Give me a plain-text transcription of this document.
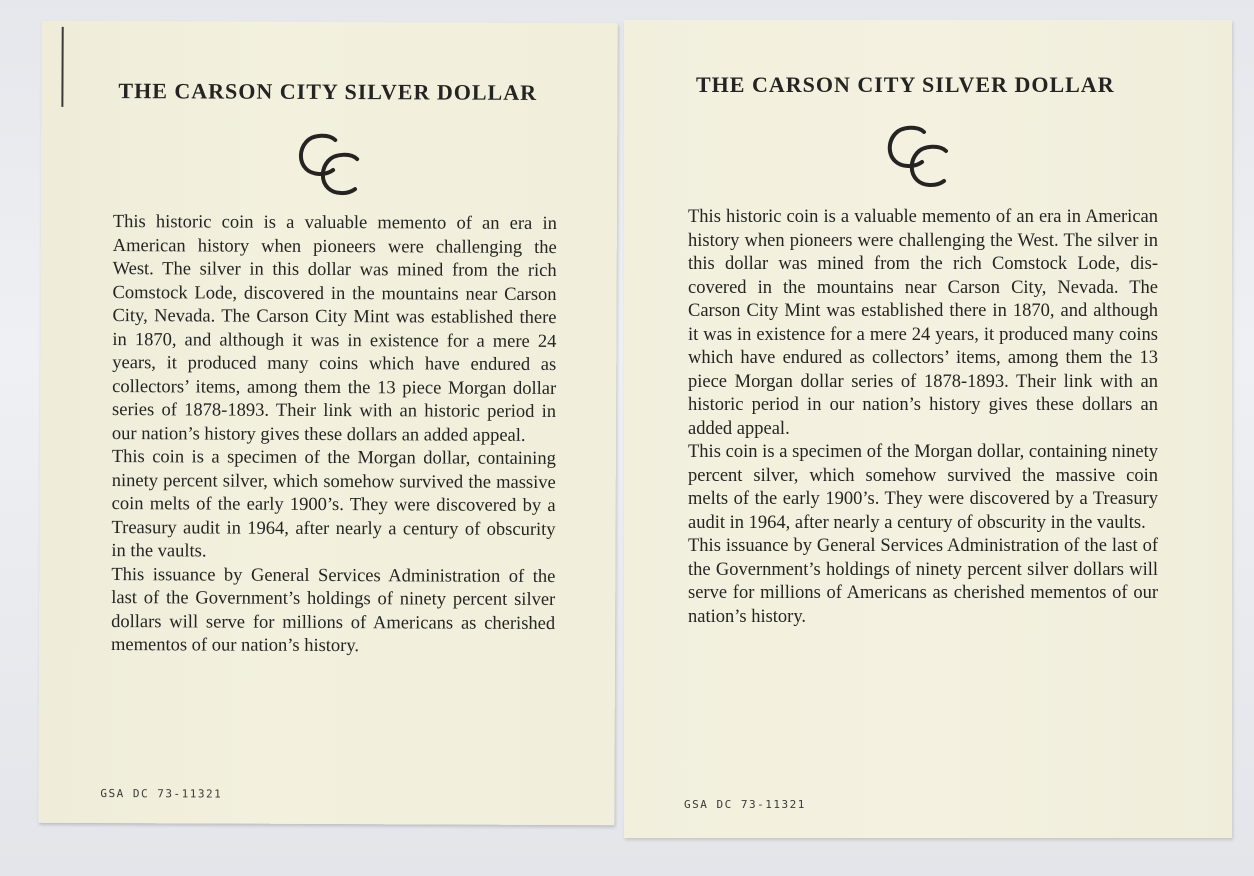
THE CARSON CITY SILVER DOLLAR

This historic coin is a valuable memento of an era in American history when pioneers were challenging the West. The silver in this dollar was mined from the rich Comstock Lode, discovered in the mountains near Carson City, Nevada. The Carson City Mint was established there in 1870, and although it was in existence for a mere 24 years, it produced many coins which have endured as collectors’ items, among them the 13 piece Morgan dollar series of 1878-1893. Their link with an historic period in our nation’s history gives these dollars an added appeal.

This coin is a specimen of the Morgan dollar, containing ninety percent silver, which somehow survived the massive coin melts of the early 1900’s. They were discovered by a Treasury audit in 1964, after nearly a century of obscurity in the vaults.

This issuance by General Services Administration of the last of the Government’s holdings of ninety percent silver dollars will serve for millions of Americans as cherished mementos of our nation’s history.

GSA DC 73-11321

THE CARSON CITY SILVER DOLLAR

This historic coin is a valuable memento of an era in American history when pioneers were challenging the West. The silver in this dollar was mined from the rich Comstock Lode, discovered in the mountains near Carson City, Nevada. The Carson City Mint was established there in 1870, and although it was in existence for a mere 24 years, it produced many coins which have endured as collectors’ items, among them the 13 piece Morgan dollar series of 1878-1893. Their link with an historic period in our nation’s history gives these dollars an added appeal.

This coin is a specimen of the Morgan dollar, containing ninety percent silver, which somehow survived the massive coin melts of the early 1900’s. They were discovered by a Treasury audit in 1964, after nearly a century of obscurity in the vaults.

This issuance by General Services Administration of the last of the Government’s holdings of ninety percent silver dollars will serve for millions of Americans as cherished mementos of our nation’s history.

GSA DC 73-11321
